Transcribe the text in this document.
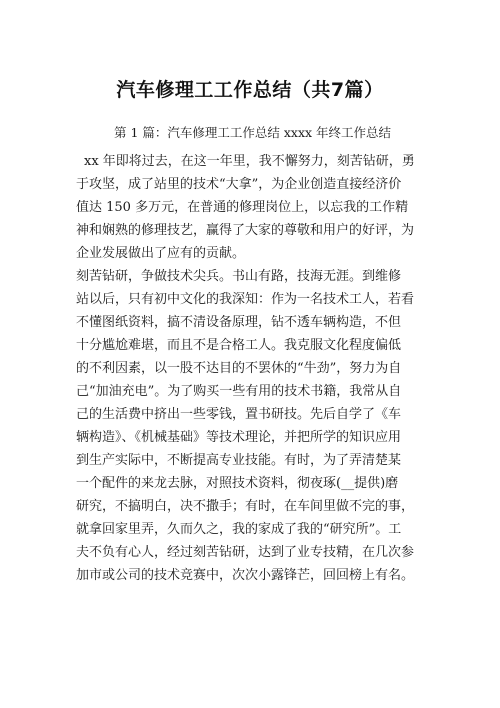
汽车修理工工作总结（共7篇）
第 1 篇：汽车修理工工作总结 xxxx 年终工作总结
xx 年即将过去，在这一年里，我不懈努力，刻苦钻研，勇
于攻坚，成了站里的技术“大拿”，为企业创造直接经济价
值达 150 多万元，在普通的修理岗位上，以忘我的工作精
神和娴熟的修理技艺，赢得了大家的尊敬和用户的好评，为
企业发展做出了应有的贡献。
刻苦钻研，争做技术尖兵。书山有路，技海无涯。到维修
站以后，只有初中文化的我深知：作为一名技术工人，若看
不懂图纸资料，搞不清设备原理，钻不透车辆构造，不但
十分尴尬难堪，而且不是合格工人。我克服文化程度偏低
的不利因素，以一股不达目的不罢休的“牛劲”，努力为自
己“加油充电”。为了购买一些有用的技术书籍，我常从自
己的生活费中挤出一些零钱，置书研技。先后自学了《车
辆构造》、《机械基础》等技术理论，并把所学的知识应用
到生产实际中，不断提高专业技能。有时，为了弄清楚某
一个配件的来龙去脉，对照技术资料，彻夜琢(__提供)磨
研究，不搞明白，决不撒手；有时，在车间里做不完的事，
就拿回家里弄，久而久之，我的家成了我的“研究所”。工
夫不负有心人，经过刻苦钻研，达到了业专技精，在几次参
加市或公司的技术竞赛中，次次小露锋芒，回回榜上有名。
